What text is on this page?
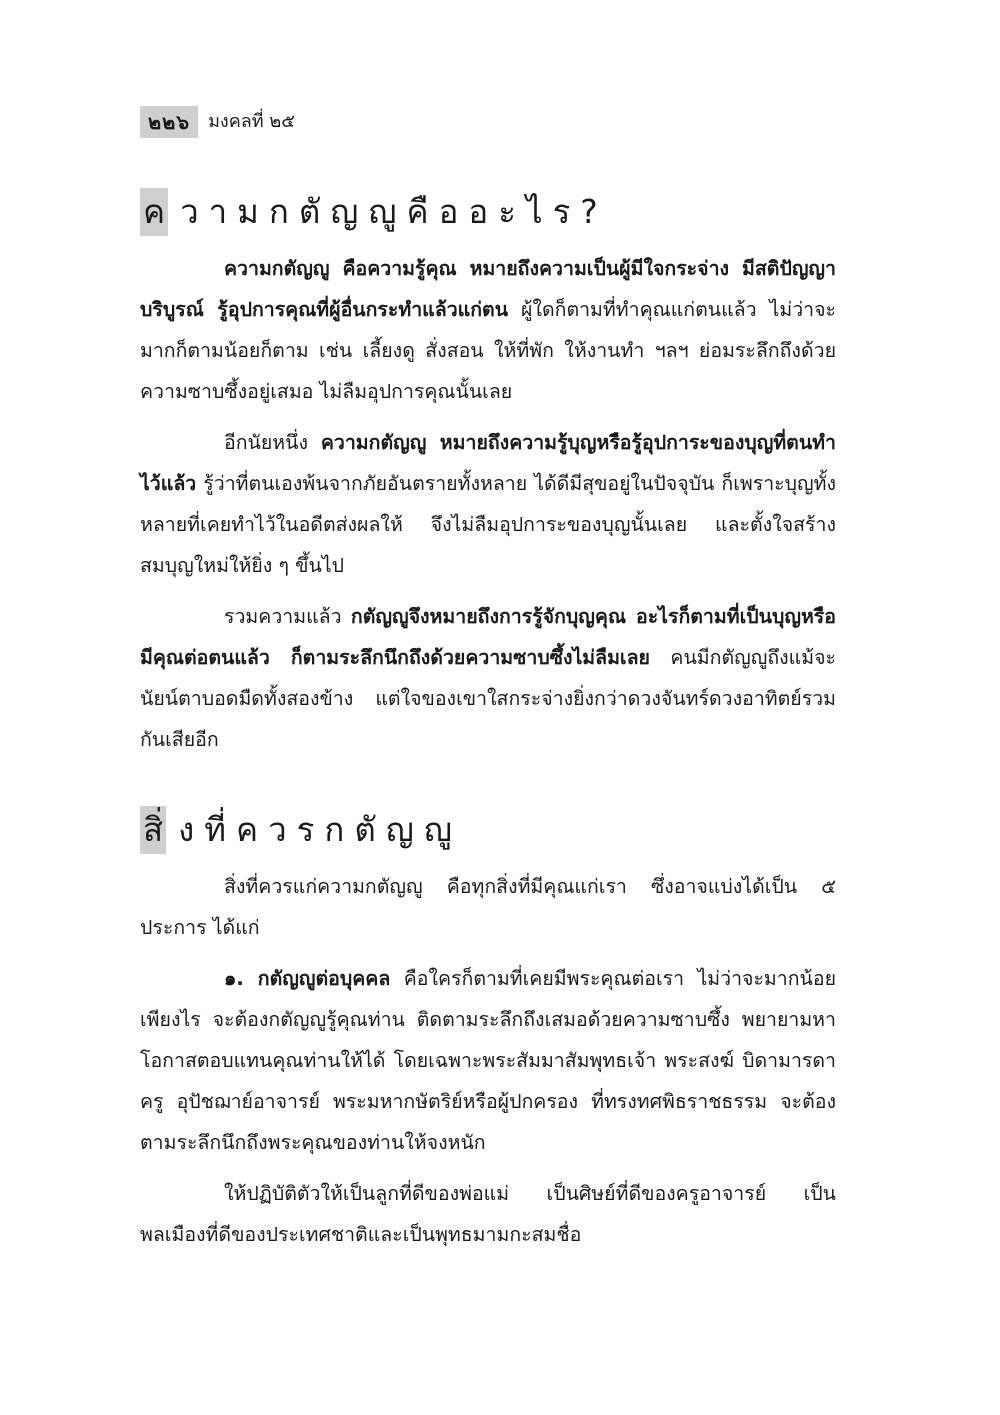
๒๒๖	มงคลที่ ๒๕
ค วามกตัญญูคืออะไร?

ความกตัญญู คือความรู้คุณ หมายถึงความเป็นผู้มีใจกระจ่าง มีสติปัญญาบริบูรณ์ รู้อุปการคุณที่ผู้อื่นกระทำแล้วแก่ตน ผู้ใดก็ตามที่ทำคุณแก่ตนแล้ว ไม่ว่าจะมากก็ตามน้อยก็ตาม เช่น เลี้ยงดู สั่งสอน ให้ที่พัก ให้งานทำ ฯลฯ ย่อมระลึกถึงด้วยความซาบซึ้งอยู่เสมอ ไม่ลืมอุปการคุณนั้นเลย

อีกนัยหนึ่ง ความกตัญญู หมายถึงความรู้บุญหรือรู้อุปการะของบุญที่ตนทำไว้แล้ว รู้ว่าที่ตนเองพ้นจากภัยอันตรายทั้งหลาย ได้ดีมีสุขอยู่ในปัจจุบัน ก็เพราะบุญทั้งหลายที่เคยทำไว้ในอดีตส่งผลให้ จึงไม่ลืมอุปการะของบุญนั้นเลย และตั้งใจสร้างสมบุญใหม่ให้ยิ่ง ๆ ขึ้นไป

รวมความแล้ว กตัญญูจึงหมายถึงการรู้จักบุญคุณ อะไรก็ตามที่เป็นบุญหรือมีคุณต่อตนแล้ว ก็ตามระลึกนึกถึงด้วยความซาบซึ้งไม่ลืมเลย คนมีกตัญญูถึงแม้จะนัยน์ตาบอดมืดทั้งสองข้าง แต่ใจของเขาใสกระจ่างยิ่งกว่าดวงจันทร์ดวงอาทิตย์รวมกันเสียอีก

สิ่ งที่ควรกตัญญู

สิ่งที่ควรแก่ความกตัญญู คือทุกสิ่งที่มีคุณแก่เรา ซึ่งอาจแบ่งได้เป็น ๕ ประการ ได้แก่

๑. กตัญญูต่อบุคคล คือใครก็ตามที่เคยมีพระคุณต่อเรา ไม่ว่าจะมากน้อยเพียงไร จะต้องกตัญญูรู้คุณท่าน ติดตามระลึกถึงเสมอด้วยความซาบซึ้ง พยายามหาโอกาสตอบแทนคุณท่านให้ได้ โดยเฉพาะพระสัมมาสัมพุทธเจ้า พระสงฆ์ บิดามารดา ครู อุปัชฌาย์อาจารย์ พระมหากษัตริย์หรือผู้ปกครอง ที่ทรงทศพิธราชธรรม จะต้องตามระลึกนึกถึงพระคุณของท่านให้จงหนัก

ให้ปฏิบัติตัวให้เป็นลูกที่ดีของพ่อแม่ เป็นศิษย์ที่ดีของครูอาจารย์ เป็นพลเมืองที่ดีของประเทศชาติและเป็นพุทธมามกะสมชื่อ
